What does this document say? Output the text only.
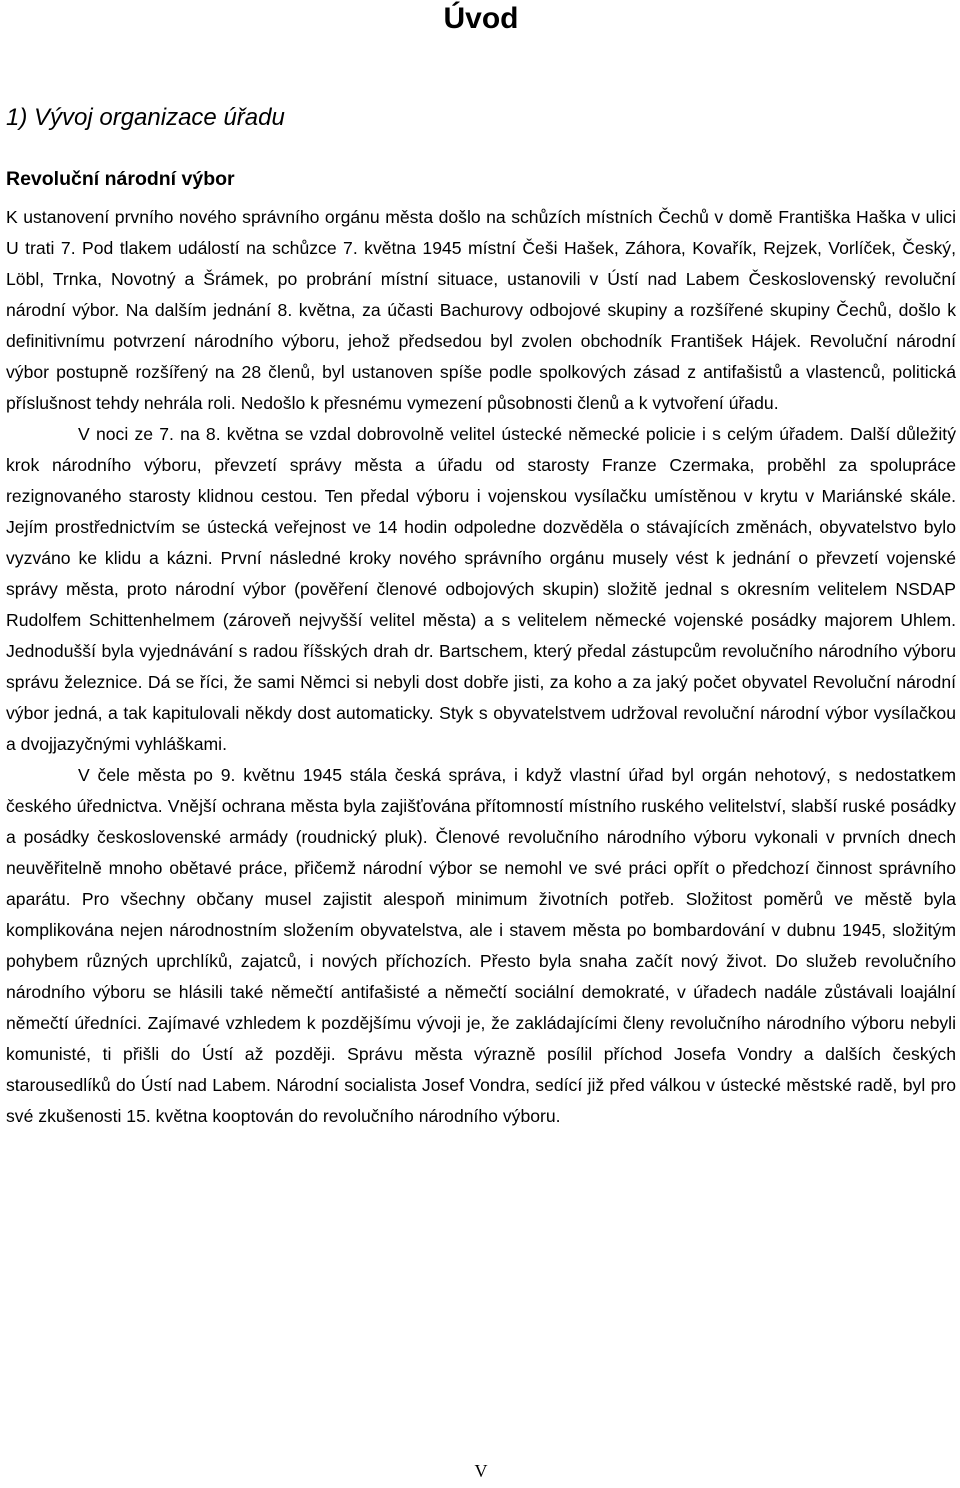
Úvod
1) Vývoj organizace úřadu
Revoluční národní výbor

K ustanovení prvního nového správního orgánu města došlo na schůzích místních Čechů v domě Františka Haška v ulici U trati 7. Pod tlakem událostí na schůzce 7. května 1945 místní Češi Hašek, Záhora, Kovařík, Rejzek, Vorlíček, Český, Löbl, Trnka, Novotný a Šrámek, po probrání místní situace, ustanovili v Ústí nad Labem Československý revoluční národní výbor. Na dalším jednání 8. května, za účasti Bachurovy odbojové skupiny a rozšířené skupiny Čechů, došlo k definitivnímu potvrzení národního výboru, jehož předsedou byl zvolen obchodník František Hájek. Revoluční národní výbor postupně rozšířený na 28 členů, byl ustanoven spíše podle spolkových zásad z antifašistů a vlastenců, politická příslušnost tehdy nehrála roli. Nedošlo k přesnému vymezení působnosti členů a k vytvoření úřadu.

V noci ze 7. na 8. května se vzdal dobrovolně velitel ústecké německé policie i s celým úřadem. Další důležitý krok národního výboru, převzetí správy města a úřadu od starosty Franze Czermaka, proběhl za spolupráce rezignovaného starosty klidnou cestou. Ten předal výboru i vojenskou vysílačku umístěnou v krytu v Mariánské skále. Jejím prostřednictvím se ústecká veřejnost ve 14 hodin odpoledne dozvěděla o stávajících změnách, obyvatelstvo bylo vyzváno ke klidu a kázni. První následné kroky nového správního orgánu musely vést k jednání o převzetí vojenské správy města, proto národní výbor (pověření členové odbojových skupin) složitě jednal s okresním velitelem NSDAP Rudolfem Schittenhelmem (zároveň nejvyšší velitel města) a s velitelem německé vojenské posádky majorem Uhlem. Jednodušší byla vyjednávání s radou říšských drah dr. Bartschem, který předal zástupcům revolučního národního výboru správu železnice. Dá se říci, že sami Němci si nebyli dost dobře jisti, za koho a za jaký počet obyvatel Revoluční národní výbor jedná, a tak kapitulovali někdy dost automaticky. Styk s obyvatelstvem udržoval revoluční národní výbor vysílačkou a dvojjazyčnými vyhláškami.

V čele města po 9. květnu 1945 stála česká správa, i když vlastní úřad byl orgán nehotový, s nedostatkem českého úřednictva. Vnější ochrana města byla zajišťována přítomností místního ruského velitelství, slabší ruské posádky a posádky československé armády (roudnický pluk). Členové revolučního národního výboru vykonali v prvních dnech neuvěřitelně mnoho obětavé práce, přičemž národní výbor se nemohl ve své práci opřít o předchozí činnost správního aparátu. Pro všechny občany musel zajistit alespoň minimum životních potřeb. Složitost poměrů ve městě byla komplikována nejen národnostním složením obyvatelstva, ale i stavem města po bombardování v dubnu 1945, složitým pohybem různých uprchlíků, zajatců, i nových příchozích. Přesto byla snaha začít nový život. Do služeb revolučního národního výboru se hlásili také němečtí antifašisté a němečtí sociální demokraté, v úřadech nadále zůstávali loajální němečtí úředníci. Zajímavé vzhledem k pozdějšímu vývoji je, že zakládajícími členy revolučního národního výboru nebyli komunisté, ti přišli do Ústí až později. Správu města výrazně posílil příchod Josefa Vondry a dalších českých starousedlíků do Ústí nad Labem. Národní socialista Josef Vondra, sedící již před válkou v ústecké městské radě, byl pro své zkušenosti 15. května kooptován do revolučního národního výboru.

V
